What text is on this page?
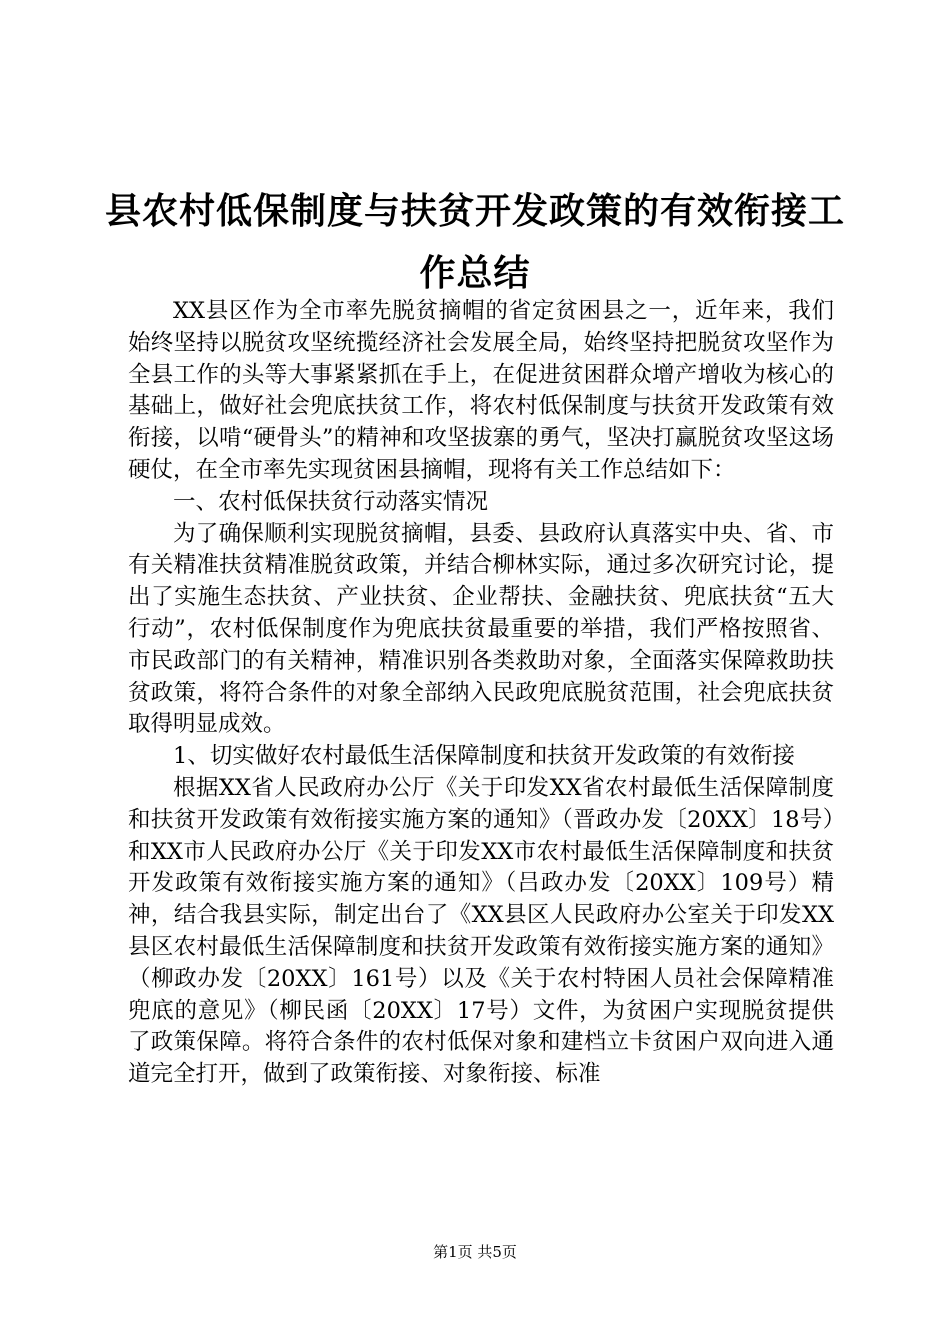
县农村低保制度与扶贫开发政策的有效衔接工作总结

XX县区作为全市率先脱贫摘帽的省定贫困县之一，近年来，我们始终坚持以脱贫攻坚统揽经济社会发展全局，始终坚持把脱贫攻坚作为全县工作的头等大事紧紧抓在手上，在促进贫困群众增产增收为核心的基础上，做好社会兜底扶贫工作，将农村低保制度与扶贫开发政策有效衔接，以啃“硬骨头”的精神和攻坚拔寨的勇气，坚决打赢脱贫攻坚这场硬仗，在全市率先实现贫困县摘帽，现将有关工作总结如下：

一、农村低保扶贫行动落实情况

为了确保顺利实现脱贫摘帽，县委、县政府认真落实中央、省、市有关精准扶贫精准脱贫政策，并结合柳林实际，通过多次研究讨论，提出了实施生态扶贫、产业扶贫、企业帮扶、金融扶贫、兜底扶贫“五大行动”，农村低保制度作为兜底扶贫最重要的举措，我们严格按照省、市民政部门的有关精神，精准识别各类救助对象，全面落实保障救助扶贫政策，将符合条件的对象全部纳入民政兜底脱贫范围，社会兜底扶贫取得明显成效。

1、切实做好农村最低生活保障制度和扶贫开发政策的有效衔接

根据XX省人民政府办公厅《关于印发XX省农村最低生活保障制度和扶贫开发政策有效衔接实施方案的通知》（晋政办发〔20XX〕18号）和XX市人民政府办公厅《关于印发XX市农村最低生活保障制度和扶贫开发政策有效衔接实施方案的通知》（吕政办发〔20XX〕109号）精神，结合我县实际，制定出台了《XX县区人民政府办公室关于印发XX县区农村最低生活保障制度和扶贫开发政策有效衔接实施方案的通知》（柳政办发〔20XX〕161号）以及《关于农村特困人员社会保障精准兜底的意见》（柳民函〔20XX〕17号）文件，为贫困户实现脱贫提供了政策保障。将符合条件的农村低保对象和建档立卡贫困户双向进入通道完全打开，做到了政策衔接、对象衔接、标准

第1页 共5页
